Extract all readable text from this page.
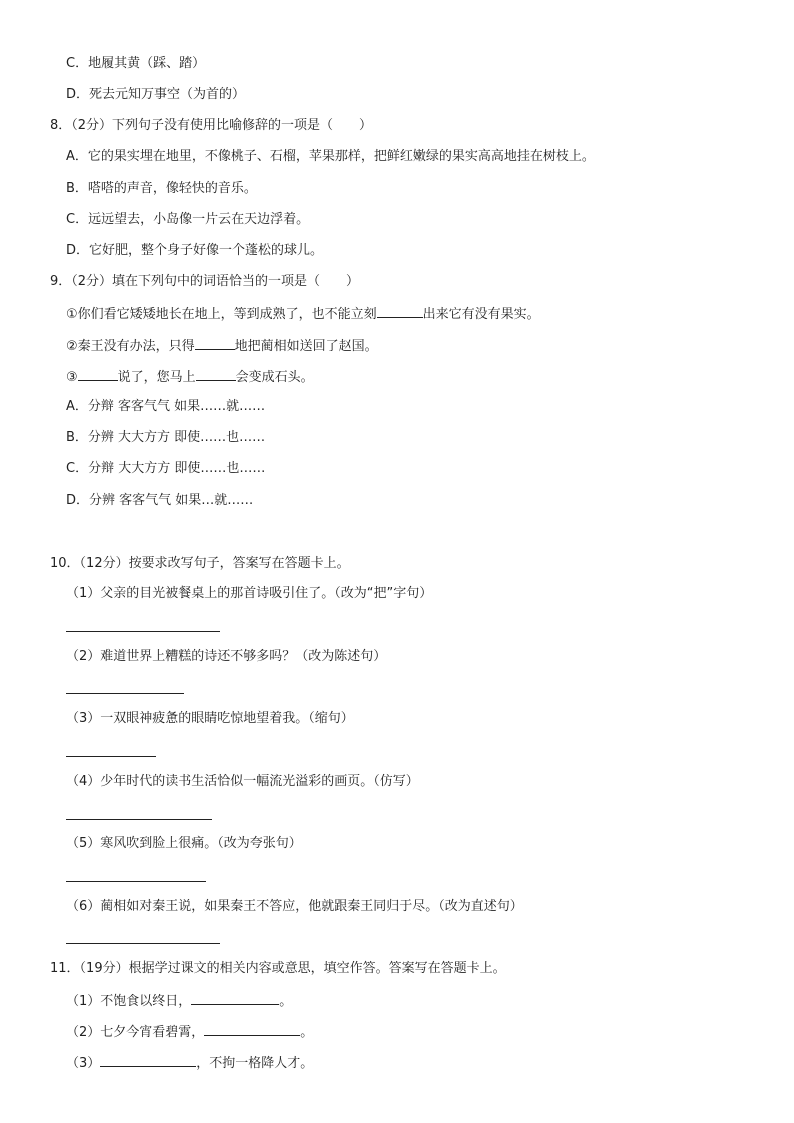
C．地履其黄（踩、踏）
D．死去元知万事空（为首的）
8．（2分）下列句子没有使用比喻修辞的一项是（　　）
A．它的果实埋在地里，不像桃子、石榴，苹果那样，把鲜红嫩绿的果实高高地挂在树枝上。
B．嗒嗒的声音，像轻快的音乐。
C．远远望去，小岛像一片云在天边浮着。
D．它好肥，整个身子好像一个蓬松的球儿。
9．（2分）填在下列句中的词语恰当的一项是（　　）
①你们看它矮矮地长在地上，等到成熟了，也不能立刻	出来它有没有果实。
②秦王没有办法，只得	地把蔺相如送回了赵国。
③	说了，您马上	会变成石头。
A．分辩 客客气气 如果……就……
B．分辨 大大方方 即使……也……
C．分辩 大大方方 即使……也……
D．分辨 客客气气 如果…就……
10．（12分）按要求改写句子，答案写在答题卡上。
（1）父亲的目光被餐桌上的那首诗吸引住了。（改为“把”字句）
（2）难道世界上糟糕的诗还不够多吗？（改为陈述句）
（3）一双眼神疲惫的眼睛吃惊地望着我。（缩句）
（4）少年时代的读书生活恰似一幅流光溢彩的画页。（仿写）
（5）寒风吹到脸上很痛。（改为夸张句）
（6）蔺相如对秦王说，如果秦王不答应，他就跟秦王同归于尽。（改为直述句）
11．（19分）根据学过课文的相关内容或意思，填空作答。答案写在答题卡上。
（1）不饱食以终日，	。
（2）七夕今宵看碧霄，	。
（3）	，不拘一格降人才。
